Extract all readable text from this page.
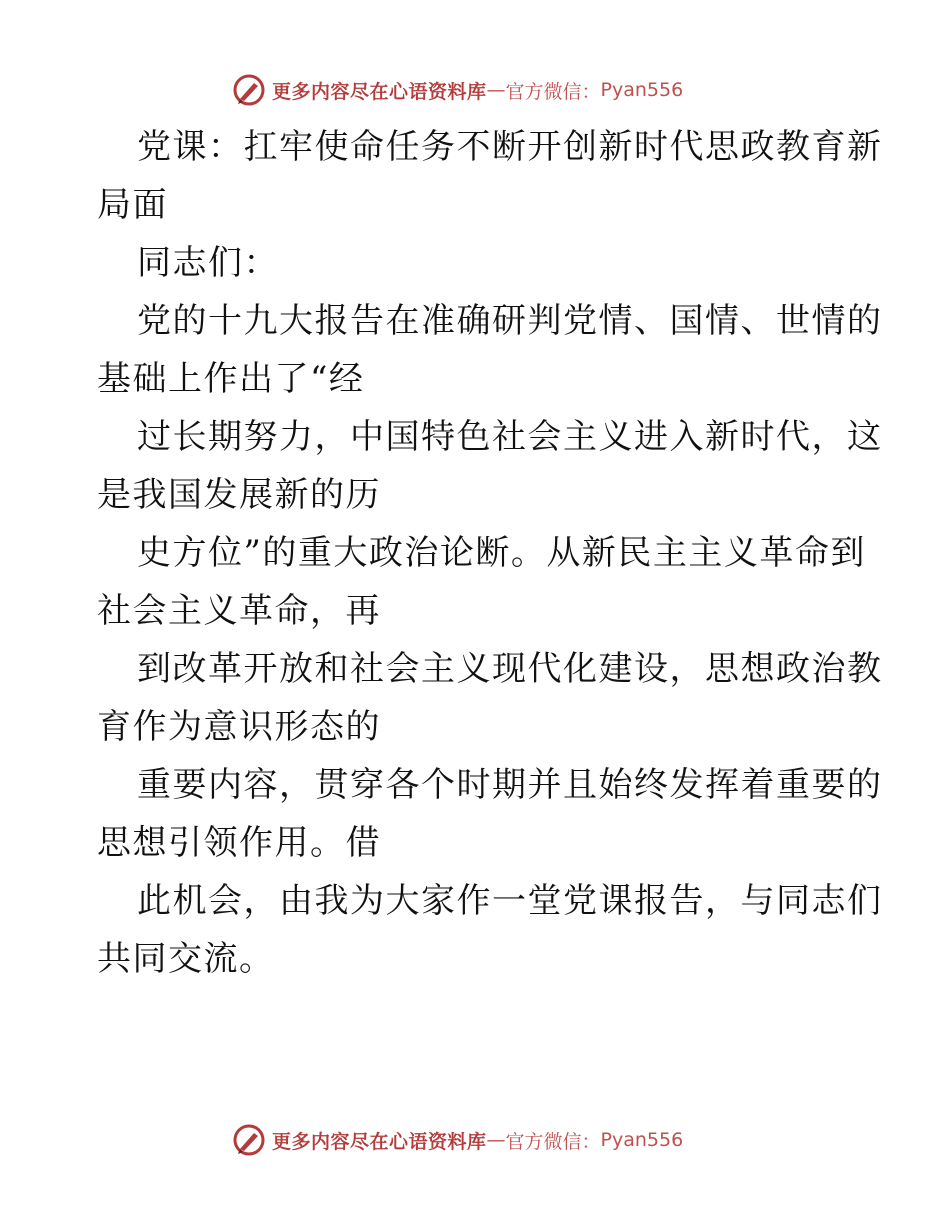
更多内容尽在心语资料库 — 官方微信： Pyan556
党课：扛牢使命任务不断开创新时代思政教育新
局面
同志们：
党的十九大报告在准确研判党情、国情、世情的
基础上作出了“经
过长期努力，中国特色社会主义进入新时代，这
是我国发展新的历
史方位”的重大政治论断。从新民主主义革命到
社会主义革命，再
到改革开放和社会主义现代化建设，思想政治教
育作为意识形态的
重要内容，贯穿各个时期并且始终发挥着重要的
思想引领作用。借
此机会，由我为大家作一堂党课报告，与同志们
共同交流。
更多内容尽在心语资料库 — 官方微信： Pyan556
